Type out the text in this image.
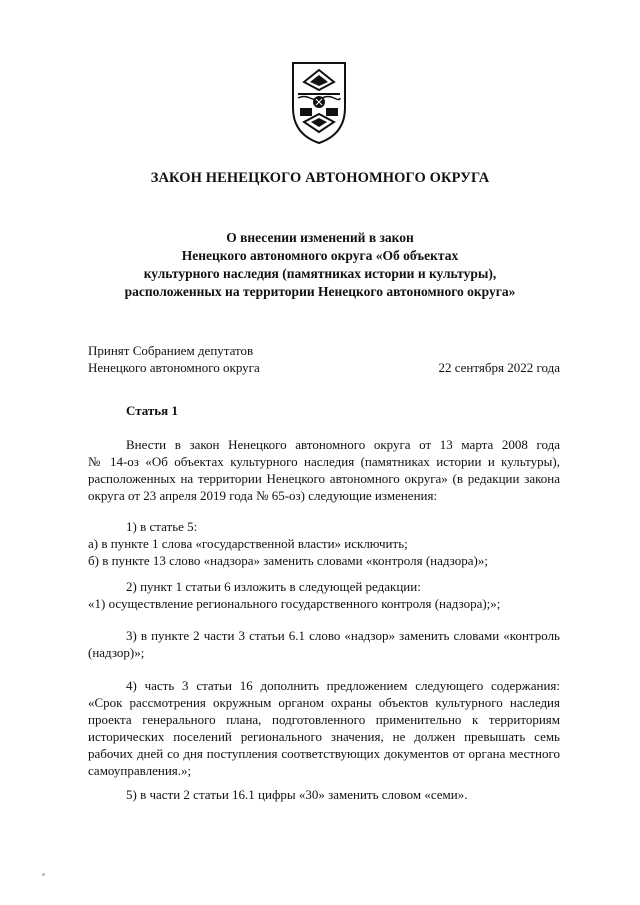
ЗАКОН НЕНЕЦКОГО АВТОНОМНОГО ОКРУГА
О внесении изменений в закон
Ненецкого автономного округа «Об объектах
культурного наследия (памятниках истории и культуры),
расположенных на территории Ненецкого автономного округа»
Принят Собранием депутатов
Ненецкого автономного округа	22 сентября 2022 года
Статья 1
Внести в закон Ненецкого автономного округа от 13 марта 2008 года
№ 14-оз «Об объектах культурного наследия (памятниках истории и культуры),
расположенных на территории Ненецкого автономного округа» (в редакции закона
округа от 23 апреля 2019 года № 65-оз) следующие изменения:
1) в статье 5:
а) в пункте 1 слова «государственной власти» исключить;
б) в пункте 13 слово «надзора» заменить словами «контроля (надзора)»;
2) пункт 1 статьи 6 изложить в следующей редакции:
«1) осуществление регионального государственного контроля (надзора);»;
3) в пункте 2 части 3 статьи 6.1 слово «надзор» заменить словами «контроль
(надзор)»;
4) часть 3 статьи 16 дополнить предложением следующего содержания:
«Срок рассмотрения окружным органом охраны объектов культурного наследия
проекта генерального плана, подготовленного применительно к территориям
исторических поселений регионального значения, не должен превышать семь
рабочих дней со дня поступления соответствующих документов от органа местного
самоуправления.»;
5) в части 2 статьи 16.1 цифры «30» заменить словом «семи».
